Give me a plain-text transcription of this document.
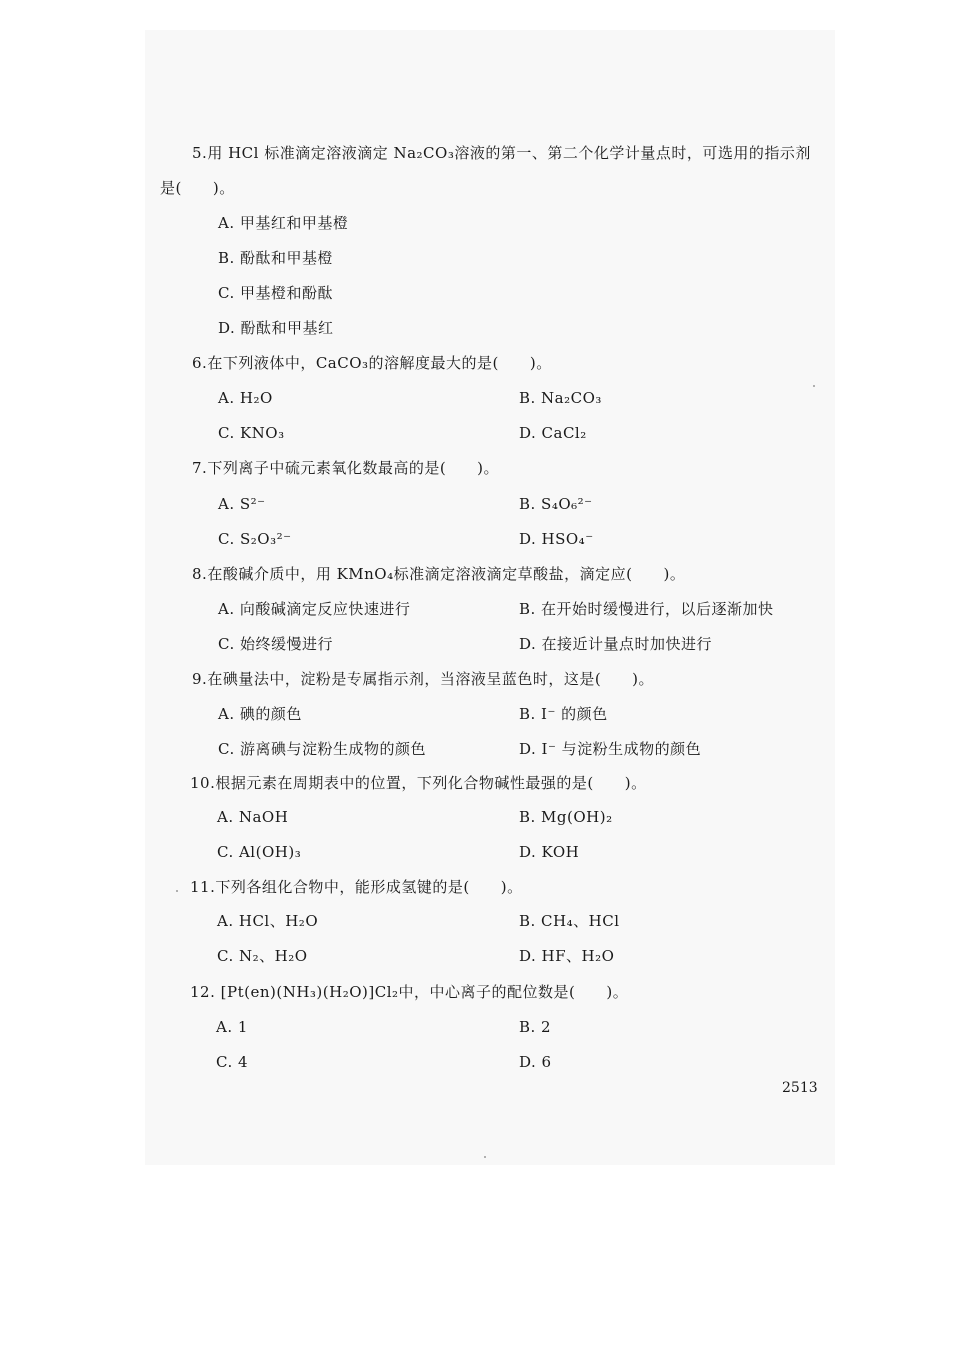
5.用 HCl 标准滴定溶液滴定 Na₂CO₃溶液的第一、第二个化学计量点时，可选用的指示剂
是(　　)。
A. 甲基红和甲基橙
B. 酚酞和甲基橙
C. 甲基橙和酚酞
D. 酚酞和甲基红
6.在下列液体中，CaCO₃的溶解度最大的是(　　)。
A. H₂O	B. Na₂CO₃
C. KNO₃	D. CaCl₂
7.下列离子中硫元素氧化数最高的是(　　)。
A. S²⁻	B. S₄O₆²⁻
C. S₂O₃²⁻	D. HSO₄⁻
8.在酸碱介质中，用 KMnO₄标准滴定溶液滴定草酸盐，滴定应(　　)。
A. 向酸碱滴定反应快速进行	B. 在开始时缓慢进行，以后逐渐加快
C. 始终缓慢进行	D. 在接近计量点时加快进行
9.在碘量法中，淀粉是专属指示剂，当溶液呈蓝色时，这是(　　)。
A. 碘的颜色	B. I⁻ 的颜色
C. 游离碘与淀粉生成物的颜色	D. I⁻ 与淀粉生成物的颜色
10.根据元素在周期表中的位置，下列化合物碱性最强的是(　　)。
A. NaOH	B. Mg(OH)₂
C. Al(OH)₃	D. KOH
11.下列各组化合物中，能形成氢键的是(　　)。
A. HCl、H₂O	B. CH₄、HCl
C. N₂、H₂O	D. HF、H₂O
12. [Pt(en)(NH₃)(H₂O)]Cl₂中，中心离子的配位数是(　　)。
A. 1	B. 2
C. 4	D. 6
2513
